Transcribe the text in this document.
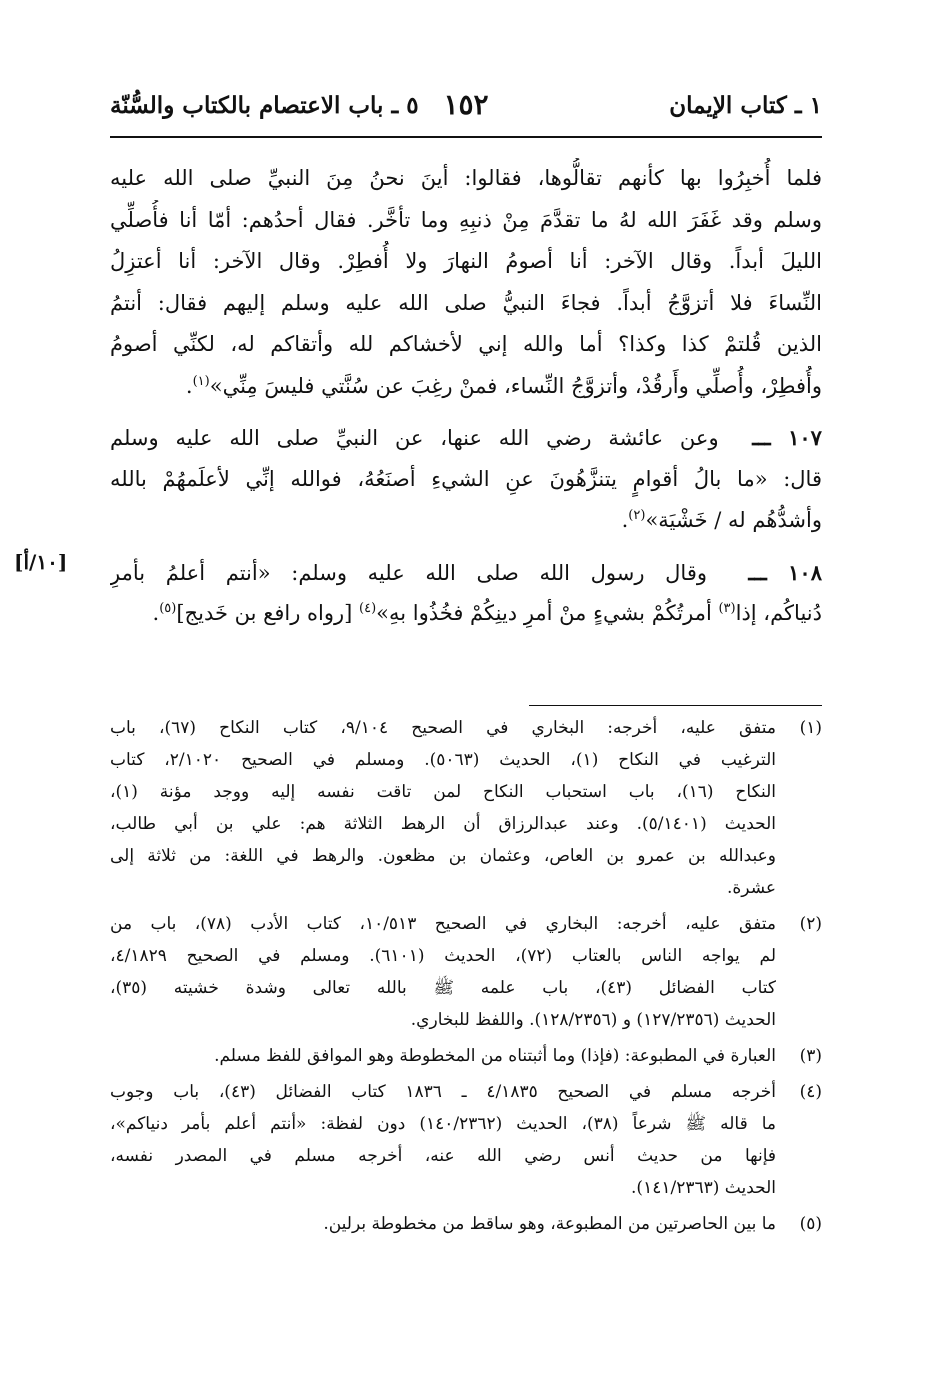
١ ـ كتاب الإيمان
١٥٢
٥ ـ باب الاعتصام بالكتاب والسُّنّة
فلما أُخبِرُوا بها كأنهم تقالُّوها، فقالوا: أينَ نحنُ مِنَ النبيِّ صلى الله عليه
وسلم وقد غَفَرَ الله لهُ ما تقدَّمَ مِنْ ذنبِهِ وما تأخَّر. فقال أحدُهم: أمّا أنا فأُصلِّي
الليلَ أبداً. وقال الآخر: أنا أصومُ النهارَ ولا أُفطِرْ. وقال الآخر: أنا أعتزِلُ
النِّساءَ فلا أتزوَّجُ أبداً. فجاءَ النبيُّ صلى الله عليه وسلم إليهم فقال: أنتمُ
الذين قُلتمْ كذا وكذا؟ أما والله إني لأخشاكم لله وأتقاكم له، لكنِّي أصومُ
وأُفطِرْ، وأُصلِّي وأَرقُدْ، وأتزوَّجُ النِّساء، فمنْ رغِبَ عن سُنَّتي فليسَ مِنِّي»$^{(١)}$.
١٠٧ ـــ  وعن عائشة رضي الله عنها، عن النبيِّ صلى الله عليه وسلم
قال: «ما بالُ أقوامٍ يتنزَّهُونَ عنِ الشيءِ أصنَعُهُ، فوالله إنِّي لأعلَمهُمْ بالله
وأشدُّهُم له / خَشْيَة»$^{(٢)}$.
١٠٨ ـــ  وقال رسول الله صلى الله عليه وسلم: «أنتم أعلمُ بأمرِ
دُنياكُم، إذا$^{(٣)}$ أمرتُكُمْ بشيءٍ منْ أمرِ دينِكُمْ فخُذُوا بهِ»$^{(٤)}$ [رواه رافع بن خَديج]$^{(٥)}$.
[١٠/أ]
(١)
متفق عليه، أخرجه: البخاري في الصحيح ٩/١٠٤، كتاب النكاح (٦٧)، باب
الترغيب في النكاح (١)، الحديث (٥٠٦٣). ومسلم في الصحيح ٢/١٠٢٠، كتاب
النكاح (١٦)، باب استحباب النكاح لمن تاقت نفسه إليه ووجد مؤنة (١)،
الحديث (٥/١٤٠١). وعند عبدالرزاق أن الرهط الثلاثة هم: علي بن أبي طالب،
وعبدالله بن عمرو بن العاص، وعثمان بن مظعون. والرهط في اللغة: من ثلاثة إلى
عشرة.
(٢)
متفق عليه، أخرجه: البخاري في الصحيح ١٠/٥١٣، كتاب الأدب (٧٨)، باب من
لم يواجه الناس بالعتاب (٧٢)، الحديث (٦١٠١). ومسلم في الصحيح ٤/١٨٢٩،
كتاب الفضائل (٤٣)، باب علمه ﷺ بالله تعالى وشدة خشيته (٣٥)،
الحديث (١٢٧/٢٣٥٦) و (١٢٨/٢٣٥٦). واللفظ للبخاري.
(٣)
العبارة في المطبوعة: (فإذا) وما أثبتناه من المخطوطة وهو الموافق للفظ مسلم.
(٤)
أخرجه مسلم في الصحيح ٤/١٨٣٥ ـ ١٨٣٦ كتاب الفضائل (٤٣)، باب وجوب
ما قاله ﷺ شرعاً (٣٨)، الحديث (١٤٠/٢٣٦٢) دون لفظة: «أنتم أعلم بأمر دنياكم»،
فإنها من حديث أنس رضي الله عنه، أخرجه مسلم في المصدر نفسه،
الحديث (١٤١/٢٣٦٣).
(٥)
ما بين الحاصرتين من المطبوعة، وهو ساقط من مخطوطة برلين.
